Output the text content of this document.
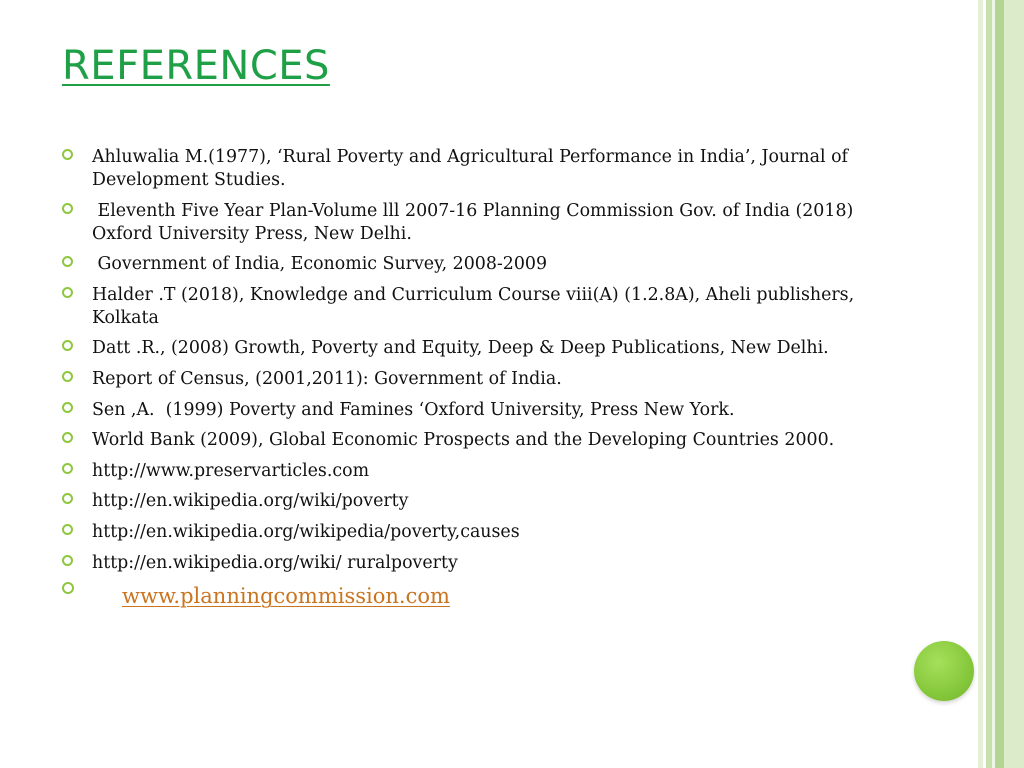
REFERENCES
Ahluwalia M.(1977), ‘Rural Poverty and Agricultural Performance in India’, Journal of Development Studies.
Eleventh Five Year Plan-Volume lll 2007-16 Planning Commission Gov. of India (2018) Oxford University Press, New Delhi.
Government of India, Economic Survey, 2008-2009
Halder .T (2018), Knowledge and Curriculum Course viii(A) (1.2.8A), Aheli publishers, Kolkata
Datt .R., (2008) Growth, Poverty and Equity, Deep & Deep Publications, New Delhi.
Report of Census, (2001,2011): Government of India.
Sen ,A.  (1999) Poverty and Famines ‘Oxford University, Press New York.
World Bank (2009), Global Economic Prospects and the Developing Countries 2000.
http://www.preservarticles.com
http://en.wikipedia.org/wiki/poverty
http://en.wikipedia.org/wikipedia/poverty,causes
http://en.wikipedia.org/wiki/ ruralpoverty
www.planningcommission.com
